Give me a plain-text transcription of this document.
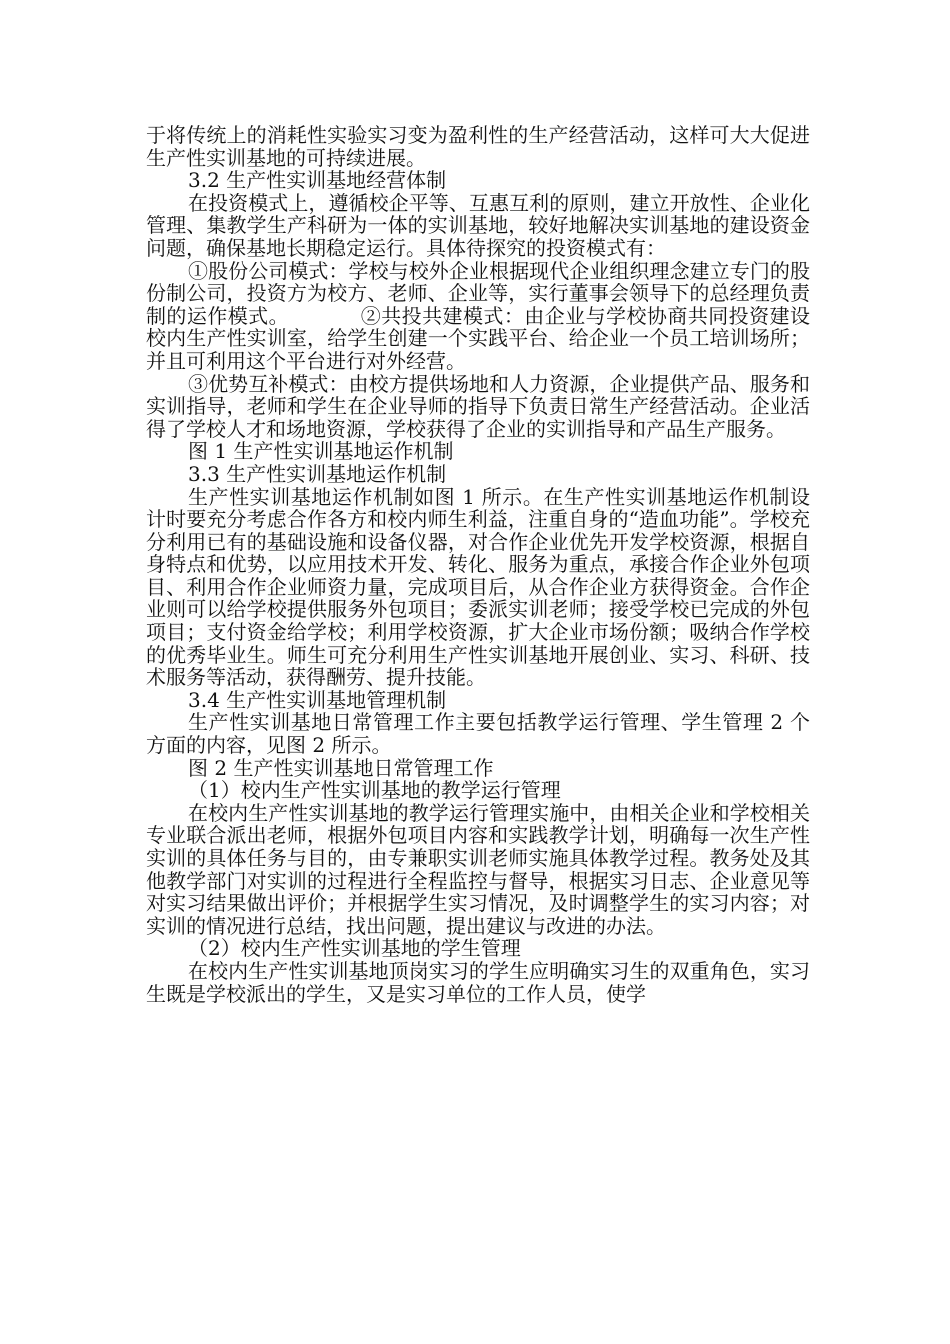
于将传统上的消耗性实验实习变为盈利性的生产经营活动，这样可大大促进生产性实训基地的可持续进展。

3.2 生产性实训基地经营体制

在投资模式上，遵循校企平等、互惠互利的原则，建立开放性、企业化管理、集教学生产科研为一体的实训基地，较好地解决实训基地的建设资金问题，确保基地长期稳定运行。具体待探究的投资模式有：

①股份公司模式：学校与校外企业根据现代企业组织理念建立专门的股份制公司，投资方为校方、老师、企业等，实行董事会领导下的总经理负责制的运作模式。　　　　②共投共建模式：由企业与学校协商共同投资建设校内生产性实训室，给学生创建一个实践平台、给企业一个员工培训场所；并且可利用这个平台进行对外经营。

③优势互补模式：由校方提供场地和人力资源，企业提供产品、服务和实训指导，老师和学生在企业导师的指导下负责日常生产经营活动。企业活得了学校人才和场地资源，学校获得了企业的实训指导和产品生产服务。

图 1 生产性实训基地运作机制

3.3 生产性实训基地运作机制

生产性实训基地运作机制如图 1 所示。在生产性实训基地运作机制设计时要充分考虑合作各方和校内师生利益，注重自身的“造血功能”。学校充分利用已有的基础设施和设备仪器，对合作企业优先开发学校资源，根据自身特点和优势，以应用技术开发、转化、服务为重点，承接合作企业外包项目、利用合作企业师资力量，完成项目后，从合作企业方获得资金。合作企业则可以给学校提供服务外包项目；委派实训老师；接受学校已完成的外包项目；支付资金给学校；利用学校资源，扩大企业市场份额；吸纳合作学校的优秀毕业生。师生可充分利用生产性实训基地开展创业、实习、科研、技术服务等活动，获得酬劳、提升技能。

3.4 生产性实训基地管理机制

生产性实训基地日常管理工作主要包括教学运行管理、学生管理 2 个方面的内容，见图 2 所示。

图 2 生产性实训基地日常管理工作

（1）校内生产性实训基地的教学运行管理

在校内生产性实训基地的教学运行管理实施中，由相关企业和学校相关专业联合派出老师，根据外包项目内容和实践教学计划，明确每一次生产性实训的具体任务与目的，由专兼职实训老师实施具体教学过程。教务处及其他教学部门对实训的过程进行全程监控与督导，根据实习日志、企业意见等对实习结果做出评价；并根据学生实习情况，及时调整学生的实习内容；对实训的情况进行总结，找出问题，提出建议与改进的办法。

（2）校内生产性实训基地的学生管理

在校内生产性实训基地顶岗实习的学生应明确实习生的双重角色，实习生既是学校派出的学生，又是实习单位的工作人员，使学
